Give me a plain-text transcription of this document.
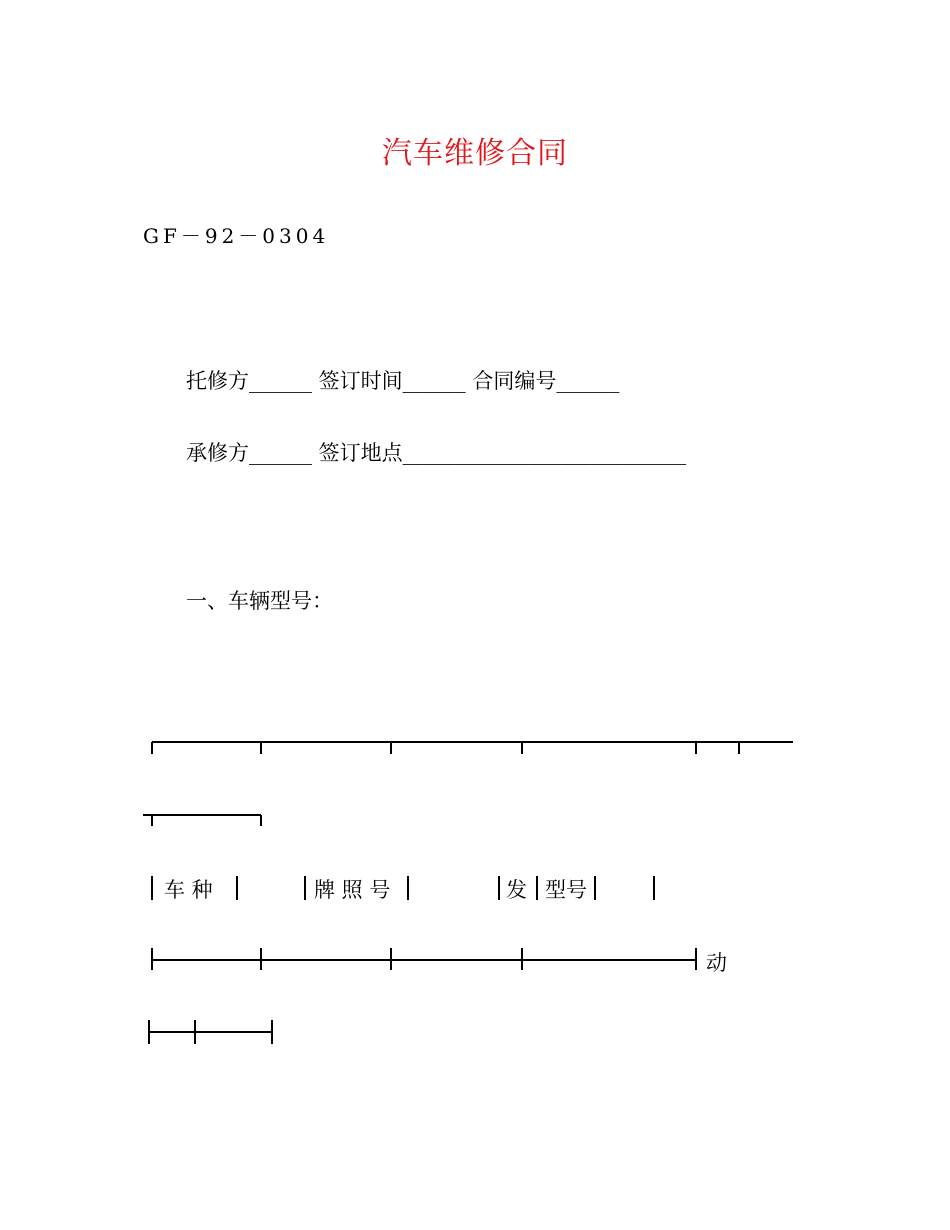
汽车维修合同
GF－92－0304
托修方______ 签订时间______ 合同编号______
承修方______ 签订地点___________________________
一、车辆型号：
车 种	牌 照 号	发 型号
动
